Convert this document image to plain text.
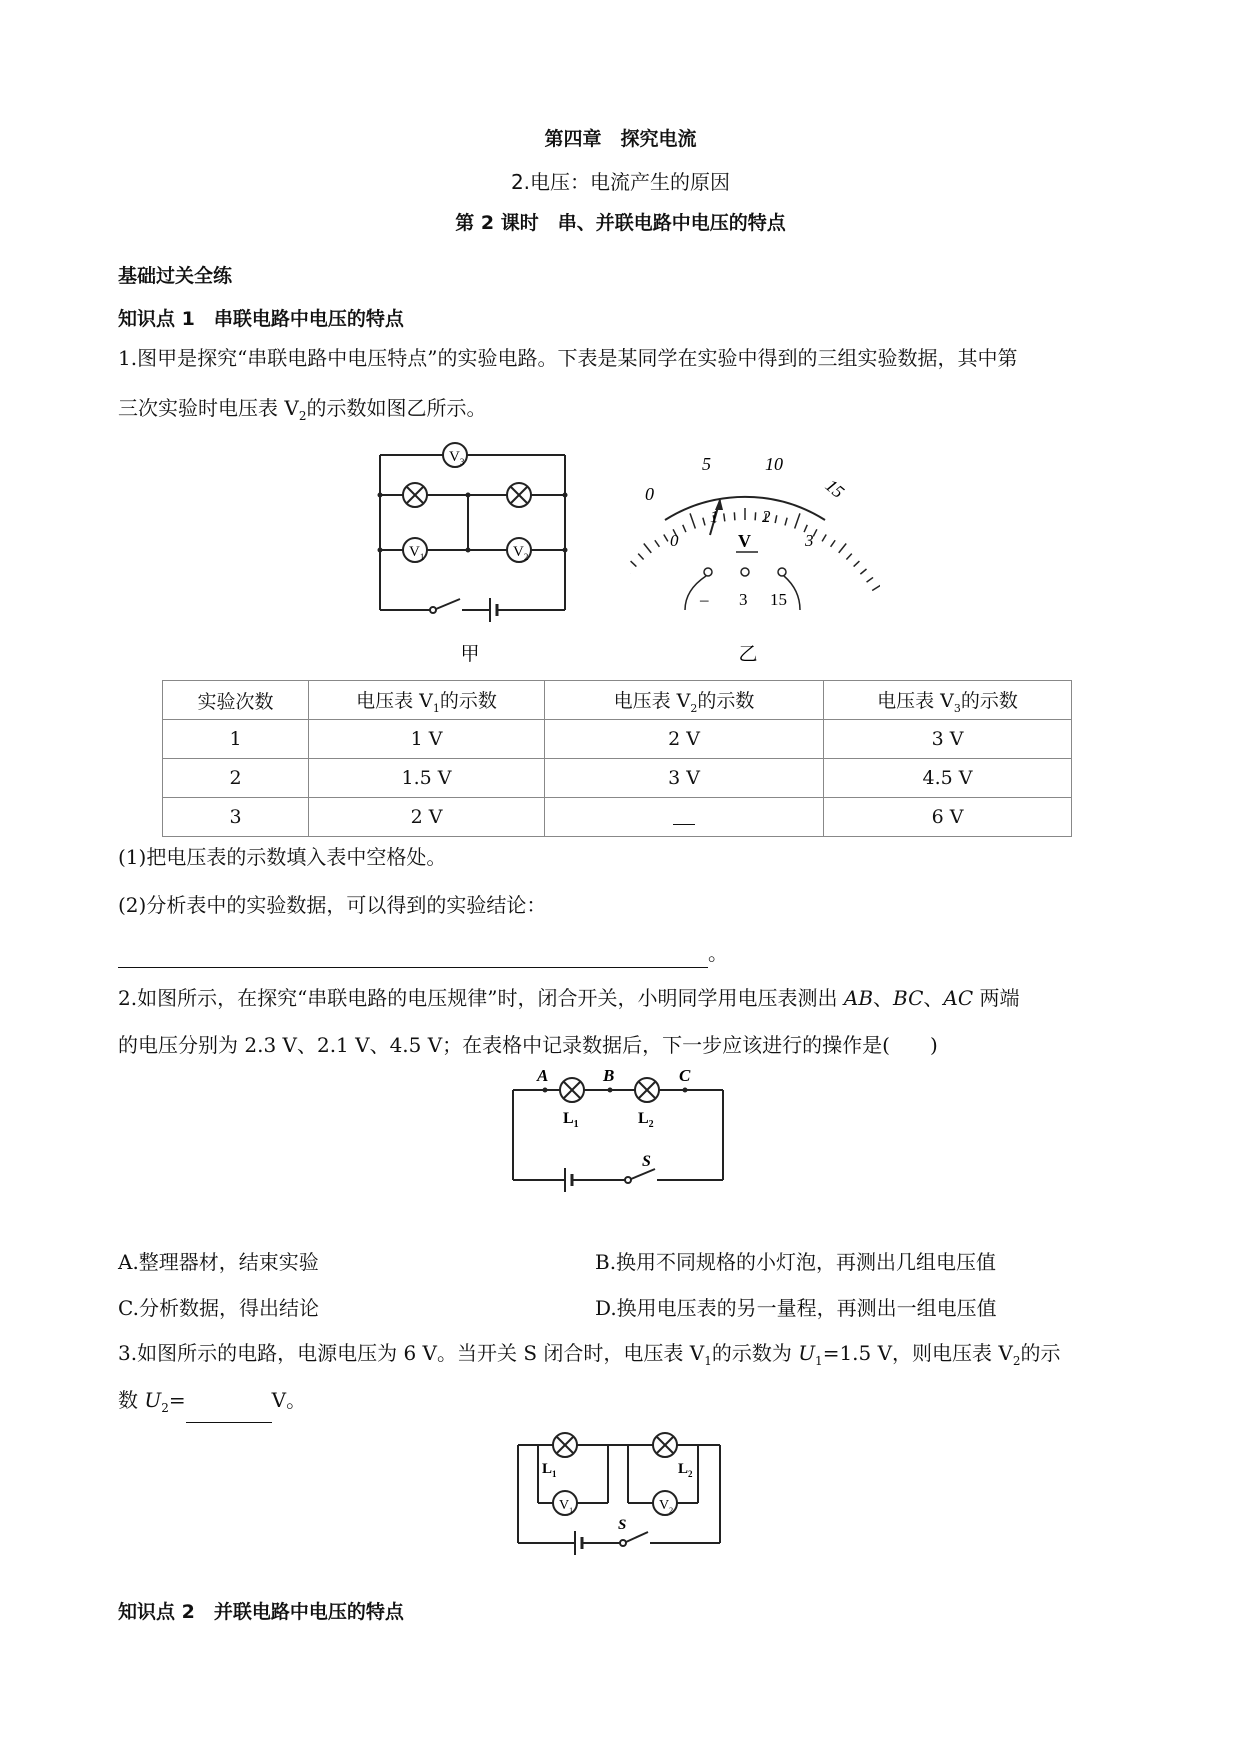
第四章　探究电流
2.电压：电流产生的原因
第 2 课时　串、并联电路中电压的特点
基础过关全练
知识点 1　串联电路中电压的特点
1.图甲是探究“串联电路中电压特点”的实验电路。下表是某同学在实验中得到的三组实验数据，其中第
三次实验时电压表 $V_2$的示数如图乙所示。
$V_3$
$V_1$	$V_2$
甲
0
5	10
15
0
1	2
3
V
– 3 15
乙
实验次数	电压表 $V_1$的示数	电压表 $V_2$的示数	电压表 $V_3$的示数
1	1 V	2 V	3 V
2	1.5 V	3 V	4.5 V
3	2 V		6 V
(1)把电压表的示数填入表中空格处。
(2)分析表中的实验数据，可以得到的实验结论：
。
2.如图所示，在探究“串联电路的电压规律”时，闭合开关，小明同学用电压表测出 AB、BC、AC 两端
的电压分别为 2.3 V、2.1 V、4.5 V；在表格中记录数据后，下一步应该进行的操作是(　　)
A	B	C
$L_1$	$L_2$
S
A.整理器材，结束实验	B.换用不同规格的小灯泡，再测出几组电压值
C.分析数据，得出结论	D.换用电压表的另一量程，再测出一组电压值
3.如图所示的电路，电源电压为 6 V。当开关 S 闭合时，电压表 $V_1$的示数为 $U_1=1.5$ V，则电压表 $V_2$的示
数 $U_2=$	V。
$L_1$	$L_2$
$V_1$	$V_2$
S
知识点 2　并联电路中电压的特点
